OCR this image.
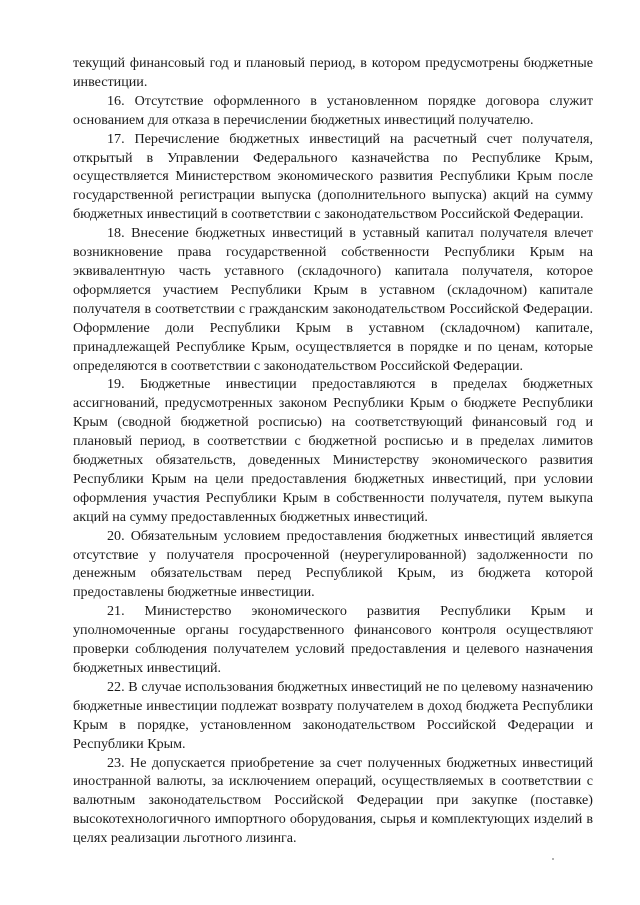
текущий финансовый год и плановый период, в котором предусмотрены бюджетные инвестиции.

16. Отсутствие оформленного в установленном порядке договора служит основанием для отказа в перечислении бюджетных инвестиций получателю.

17. Перечисление бюджетных инвестиций на расчетный счет получателя, открытый в Управлении Федерального казначейства по Республике Крым, осуществляется Министерством экономического развития Республики Крым после государственной регистрации выпуска (дополнительного выпуска) акций на сумму бюджетных инвестиций в соответствии с законодательством Российской Федерации.

18. Внесение бюджетных инвестиций в уставный капитал получателя влечет возникновение права государственной собственности Республики Крым на эквивалентную часть уставного (складочного) капитала получателя, которое оформляется участием Республики Крым в уставном (складочном) капитале получателя в соответствии с гражданским законодательством Российской Федерации. Оформление доли Республики Крым в уставном (складочном) капитале, принадлежащей Республике Крым, осуществляется в порядке и по ценам, которые определяются в соответствии с законодательством Российской Федерации.

19. Бюджетные инвестиции предоставляются в пределах бюджетных ассигнований, предусмотренных законом Республики Крым о бюджете Республики Крым (сводной бюджетной росписью) на соответствующий финансовый год и плановый период, в соответствии с бюджетной росписью и в пределах лимитов бюджетных обязательств, доведенных Министерству экономического развития Республики Крым на цели предоставления бюджетных инвестиций, при условии оформления участия Республики Крым в собственности получателя, путем выкупа акций на сумму предоставленных бюджетных инвестиций.

20. Обязательным условием предоставления бюджетных инвестиций является отсутствие у получателя просроченной (неурегулированной) задолженности по денежным обязательствам перед Республикой Крым, из бюджета которой предоставлены бюджетные инвестиции.

21. Министерство экономического развития Республики Крым и уполномоченные органы государственного финансового контроля осуществляют проверки соблюдения получателем условий предоставления и целевого назначения бюджетных инвестиций.

22. В случае использования бюджетных инвестиций не по целевому назначению бюджетные инвестиции подлежат возврату получателем в доход бюджета Республики Крым в порядке, установленном законодательством Российской Федерации и Республики Крым.

23. Не допускается приобретение за счет полученных бюджетных инвестиций иностранной валюты, за исключением операций, осуществляемых в соответствии с валютным законодательством Российской Федерации при закупке (поставке) высокотехнологичного импортного оборудования, сырья и комплектующих изделий в целях реализации льготного лизинга.
